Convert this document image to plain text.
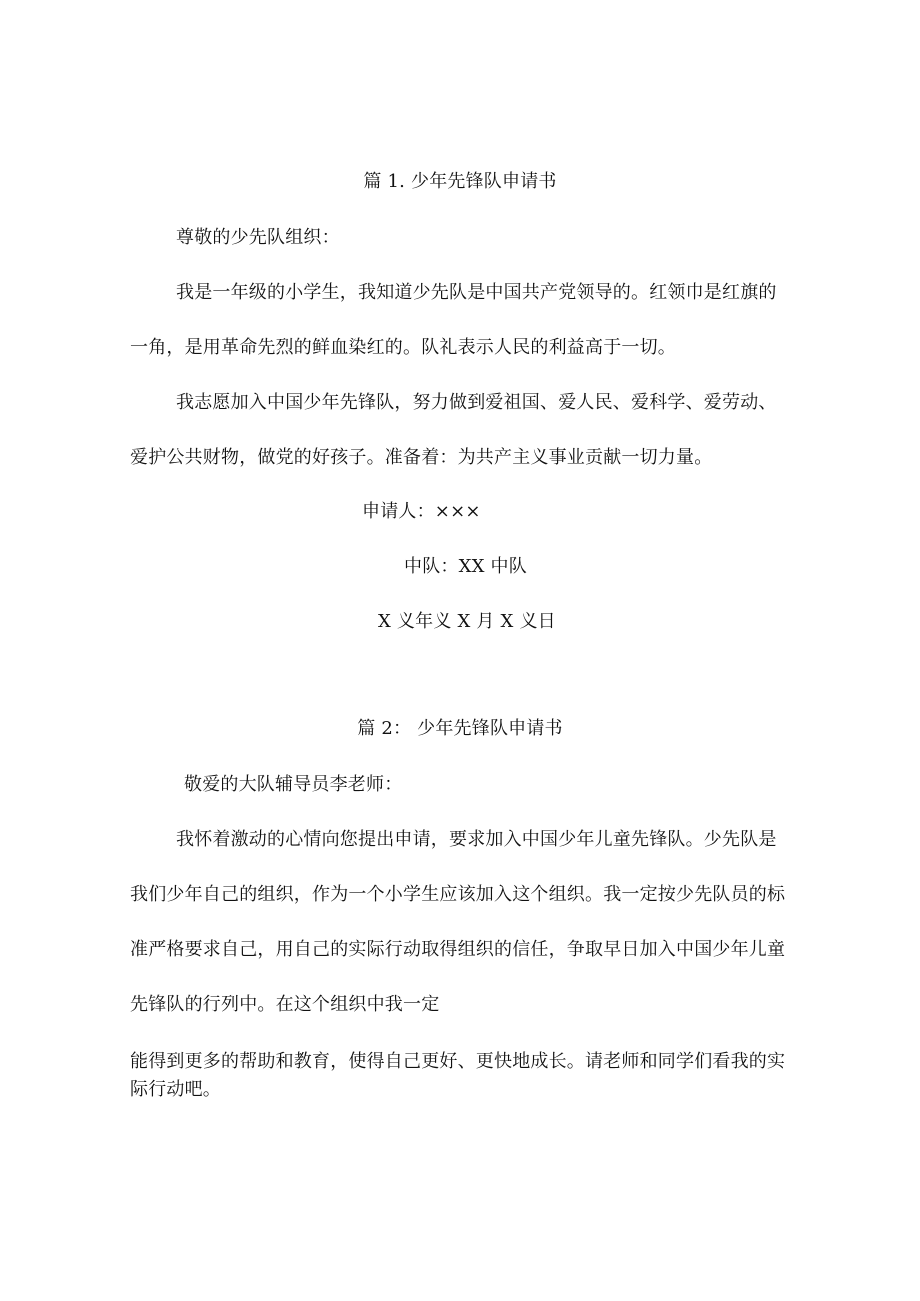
篇 1. 少年先锋队申请书
尊敬的少先队组织：
我是一年级的小学生，我知道少先队是中国共产党领导的。红领巾是红旗的
一角，是用革命先烈的鲜血染红的。队礼表示人民的利益高于一切。
我志愿加入中国少年先锋队，努力做到爱祖国、爱人民、爱科学、爱劳动、
爱护公共财物，做党的好孩子。准备着：为共产主义事业贡献一切力量。
申请人：×××
中队：XX 中队
X 义年义 X 月 X 义日
篇 2： 少年先锋队申请书
敬爱的大队辅导员李老师：
我怀着激动的心情向您提出申请，要求加入中国少年儿童先锋队。少先队是
我们少年自己的组织，作为一个小学生应该加入这个组织。我一定按少先队员的标
准严格要求自己，用自己的实际行动取得组织的信任，争取早日加入中国少年儿童
先锋队的行列中。在这个组织中我一定
能得到更多的帮助和教育，使得自己更好、更快地成长。请老师和同学们看我的实
际行动吧。
